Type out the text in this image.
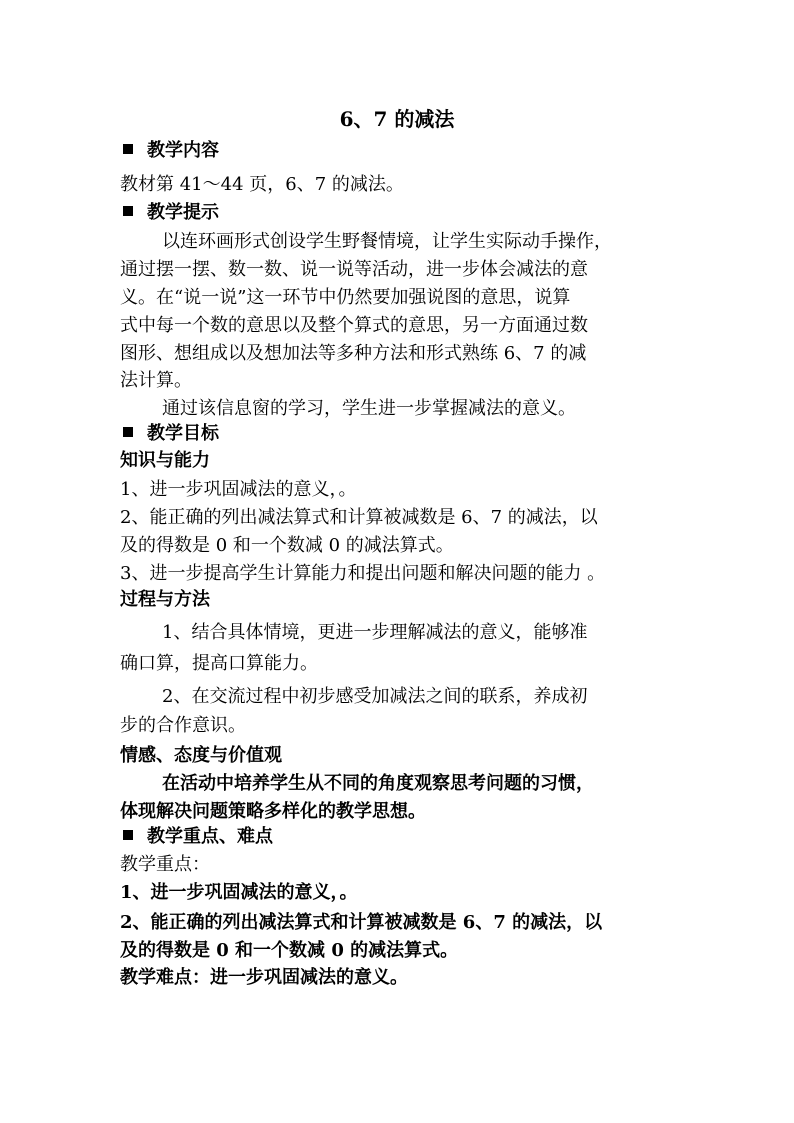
6、7 的减法
教学内容
教材第 41～44 页，6、7 的减法。
教学提示
以连环画形式创设学生野餐情境，让学生实际动手操作，
通过摆一摆、数一数、说一说等活动，进一步体会减法的意
义。在“说一说”这一环节中仍然要加强说图的意思，说算
式中每一个数的意思以及整个算式的意思，另一方面通过数
图形、想组成以及想加法等多种方法和形式熟练 6、7 的减
法计算。
通过该信息窗的学习，学生进一步掌握减法的意义。
教学目标
知识与能力
1、进一步巩固减法的意义，。
2、能正确的列出减法算式和计算被减数是 6、7 的减法，以
及的得数是 0 和一个数减 0 的减法算式。
3、进一步提高学生计算能力和提出问题和解决问题的能力 。
过程与方法
1、结合具体情境，更进一步理解减法的意义，能够准
确口算，提高口算能力。
2、在交流过程中初步感受加减法之间的联系，养成初
步的合作意识。
情感、态度与价值观
在活动中培养学生从不同的角度观察思考问题的习惯，
体现解决问题策略多样化的教学思想。
教学重点、难点
教学重点：
1、进一步巩固减法的意义，。
2、能正确的列出减法算式和计算被减数是 6、7 的减法，以
及的得数是 0 和一个数减 0 的减法算式。
教学难点：进一步巩固减法的意义。
